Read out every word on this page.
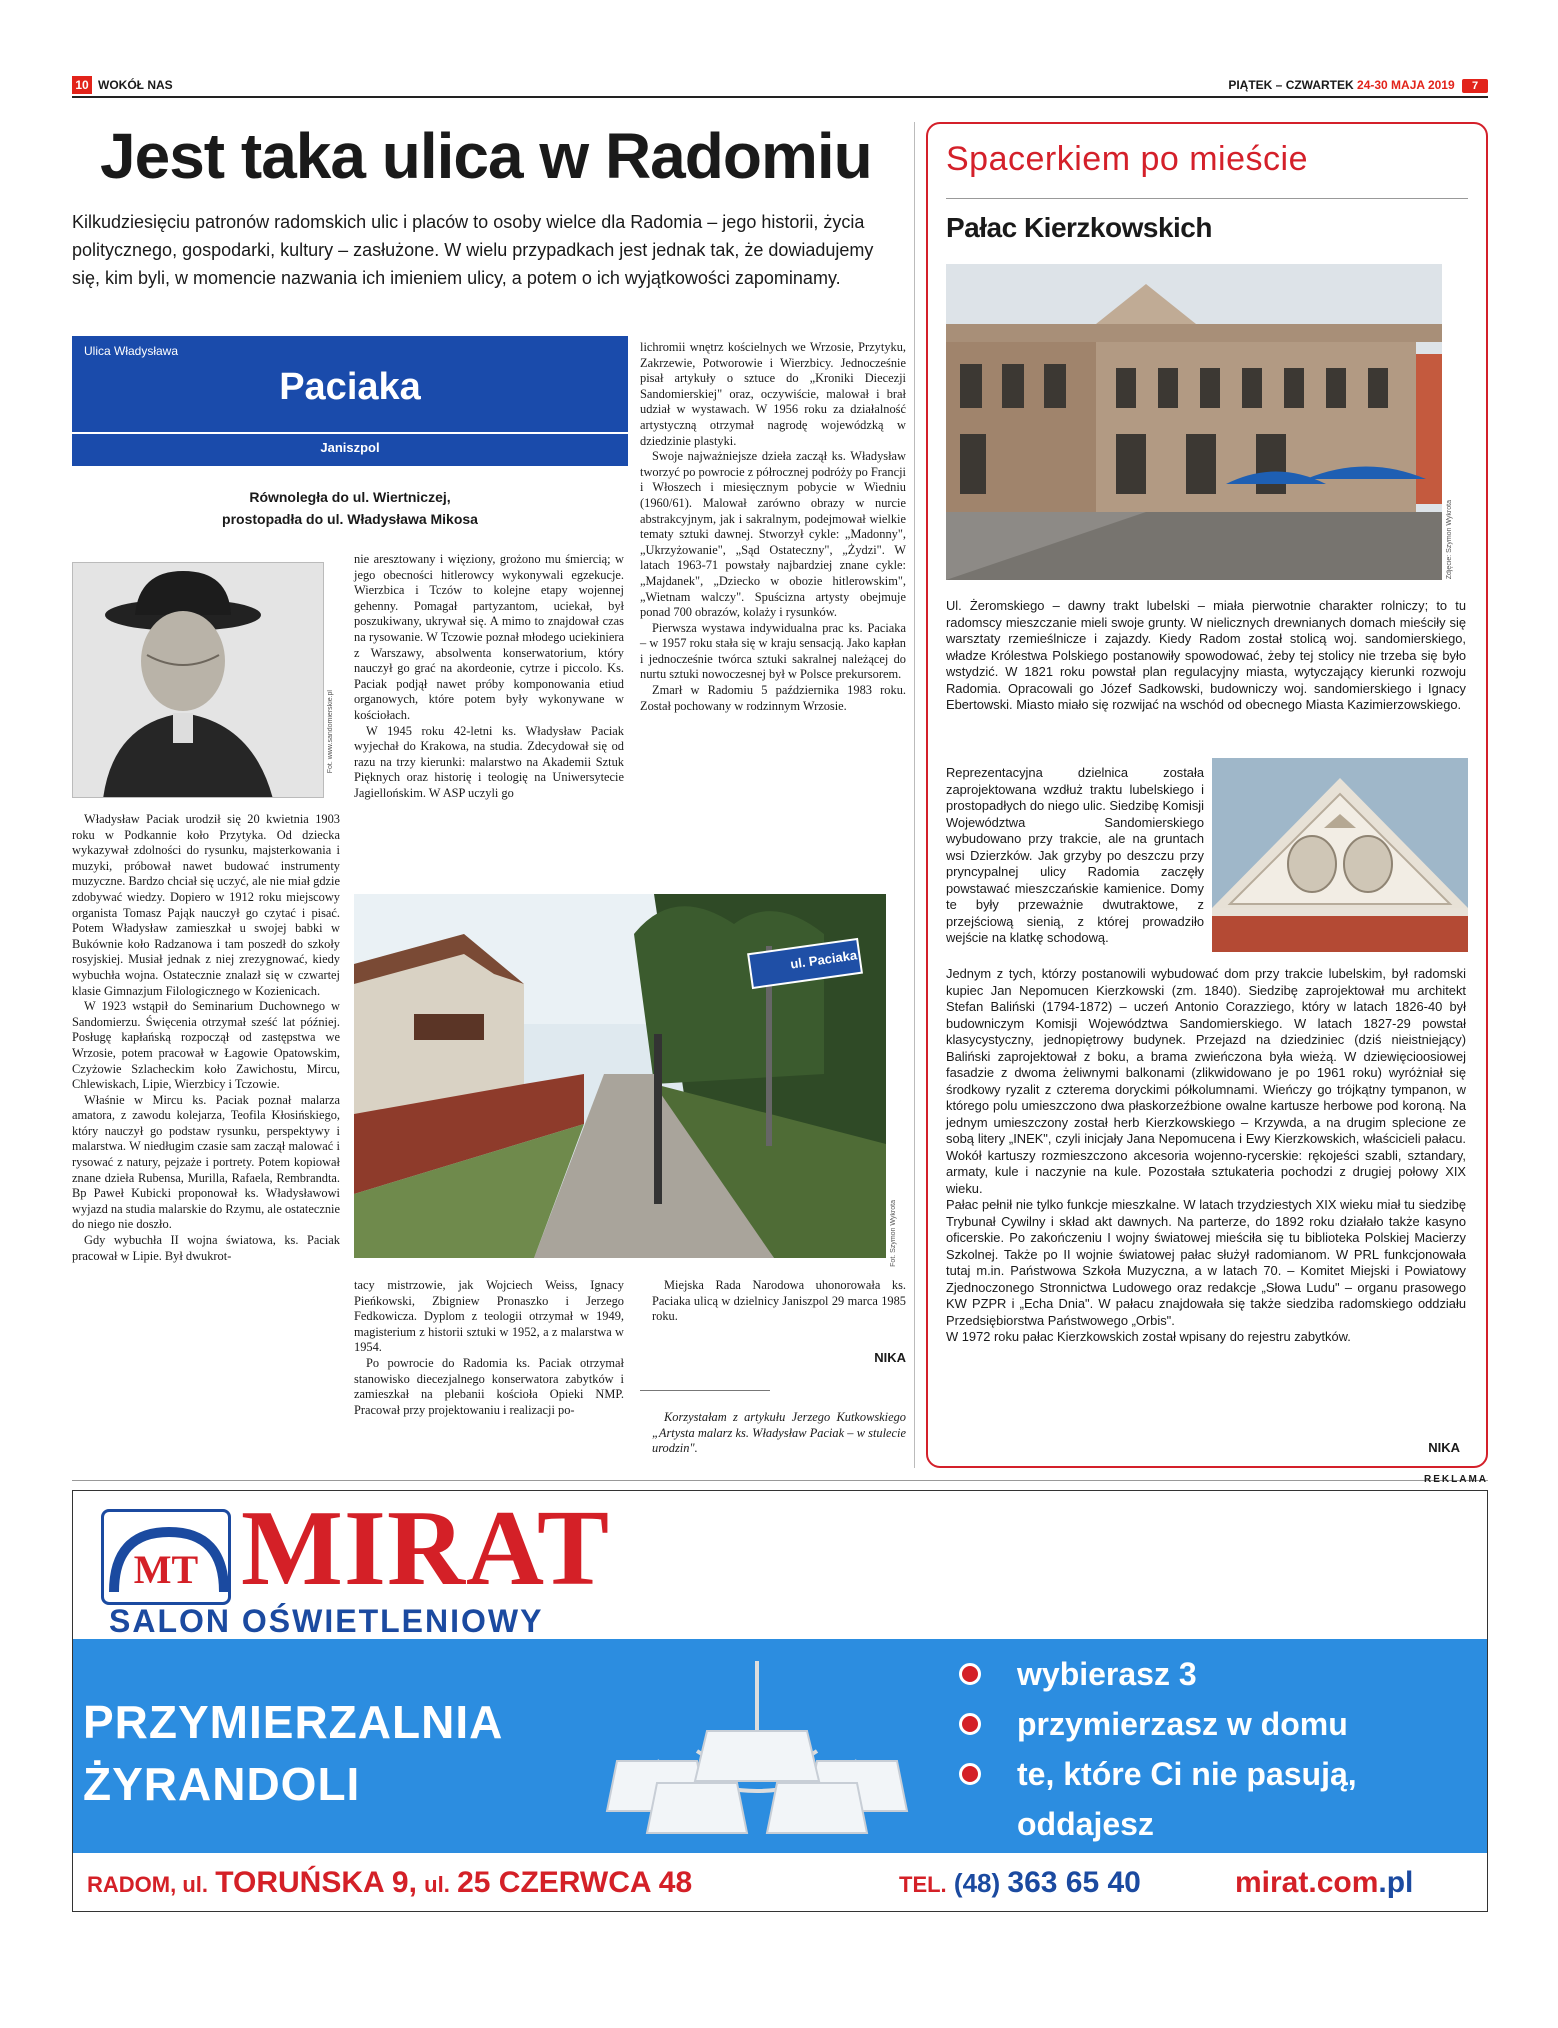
10 WOKÓŁ NAS	PIĄTEK – CZWARTEK 24-30 MAJA 2019 7
Jest taka ulica w Radomiu

Kilkudziesięciu patronów radomskich ulic i placów to osoby wielce dla Radomia – jego historii, życia politycznego, gospodarki, kultury – zasłużone. W wielu przypadkach jest jednak tak, że dowiadujemy się, kim byli, w momencie nazwania ich imieniem ulicy, a potem o ich wyjątkowości zapominamy.

Ulica Władysława
Paciaka
Janiszpol
Równoległa do ul. Wiertniczej,
prostopadła do ul. Władysława Mikosa
Fot. www.sandomierskie.pl

Władysław Paciak urodził się 20 kwietnia 1903 roku w Podkannie koło Przytyka. Od dziecka wykazywał zdolności do rysunku, majsterkowania i muzyki, próbował nawet budować instrumenty muzyczne. Bardzo chciał się uczyć, ale nie miał gdzie zdobywać wiedzy. Dopiero w 1912 roku miejscowy organista Tomasz Pająk nauczył go czytać i pisać. Potem Władysław zamieszkał u swojej babki w Bukównie koło Radzanowa i tam poszedł do szkoły rosyjskiej. Musiał jednak z niej zrezygnować, kiedy wybuchła wojna. Ostatecznie znalazł się w czwartej klasie Gimnazjum Filologicznego w Kozienicach.

W 1923 wstąpił do Seminarium Duchownego w Sandomierzu. Święcenia otrzymał sześć lat później. Posługę kapłańską rozpoczął od zastępstwa we Wrzosie, potem pracował w Łagowie Opatowskim, Czyżowie Szlacheckim koło Zawichostu, Mircu, Chlewiskach, Lipie, Wierzbicy i Tczowie.

Właśnie w Mircu ks. Paciak poznał malarza amatora, z zawodu kolejarza, Teofila Kłosińskiego, który nauczył go podstaw rysunku, perspektywy i malarstwa. W niedługim czasie sam zaczął malować i rysować z natury, pejzaże i portrety. Potem kopiował znane dzieła Rubensa, Murilla, Rafaela, Rembrandta. Bp Paweł Kubicki proponował ks. Władysławowi wyjazd na studia malarskie do Rzymu, ale ostatecznie do niego nie doszło.

Gdy wybuchła II wojna światowa, ks. Paciak pracował w Lipie. Był dwukrot-

nie aresztowany i więziony, grożono mu śmiercią; w jego obecności hitlerowcy wykonywali egzekucje. Wierzbica i Tczów to kolejne etapy wojennej gehenny. Pomagał partyzantom, uciekał, był poszukiwany, ukrywał się. A mimo to znajdował czas na rysowanie. W Tczowie poznał młodego uciekiniera z Warszawy, absolwenta konserwatorium, który nauczył go grać na akordeonie, cytrze i piccolo. Ks. Paciak podjął nawet próby komponowania etiud organowych, które potem były wykonywane w kościołach.

W 1945 roku 42-letni ks. Władysław Paciak wyjechał do Krakowa, na studia. Zdecydował się od razu na trzy kierunki: malarstwo na Akademii Sztuk Pięknych oraz historię i teologię na Uniwersytecie Jagiellońskim. W ASP uczyli go

lichromii wnętrz kościelnych we Wrzosie, Przytyku, Zakrzewie, Potworowie i Wierzbicy. Jednocześnie pisał artykuły o sztuce do „Kroniki Diecezji Sandomierskiej" oraz, oczywiście, malował i brał udział w wystawach. W 1956 roku za działalność artystyczną otrzymał nagrodę wojewódzką w dziedzinie plastyki.

Swoje najważniejsze dzieła zaczął ks. Władysław tworzyć po powrocie z półrocznej podróży po Francji i Włoszech i miesięcznym pobycie w Wiedniu (1960/61). Malował zarówno obrazy w nurcie abstrakcyjnym, jak i sakralnym, podejmował wielkie tematy sztuki dawnej. Stworzył cykle: „Madonny", „Ukrzyżowanie", „Sąd Ostateczny", „Żydzi". W latach 1963-71 powstały najbardziej znane cykle: „Majdanek", „Dziecko w obozie hitlerowskim", „Wietnam walczy". Spuścizna artysty obejmuje ponad 700 obrazów, kolaży i rysunków.

Pierwsza wystawa indywidualna prac ks. Paciaka – w 1957 roku stała się w kraju sensacją. Jako kapłan i jednocześnie twórca sztuki sakralnej należącej do nurtu sztuki nowoczesnej był w Polsce prekursorem.

Zmarł w Radomiu 5 października 1983 roku. Został pochowany w rodzinnym Wrzosie.

ul. Paciaka
Fot. Szymon Wykrota

tacy mistrzowie, jak Wojciech Weiss, Ignacy Pieńkowski, Zbigniew Pronaszko i Jerzego Fedkowicza. Dyplom z teologii otrzymał w 1949, magisterium z historii sztuki w 1952, a z malarstwa w 1954.

Po powrocie do Radomia ks. Paciak otrzymał stanowisko diecezjalnego konserwatora zabytków i zamieszkał na plebanii kościoła Opieki NMP. Pracował przy projektowaniu i realizacji po-

Miejska Rada Narodowa uhonorowała ks. Paciaka ulicą w dzielnicy Janiszpol 29 marca 1985 roku.

NIKA

Korzystałam z artykułu Jerzego Kutkowskiego „Artysta malarz ks. Władysław Paciak – w stulecie urodzin".

Spacerkiem po mieście
Pałac Kierzkowskich
Zdjęcie: Szymon Wykrota
Ul. Żeromskiego – dawny trakt lubelski – miała pierwotnie charakter rolniczy; to tu radomscy mieszczanie mieli swoje grunty. W nielicznych drewnianych domach mieściły się warsztaty rzemieślnicze i zajazdy. Kiedy Radom został stolicą woj. sandomierskiego, władze Królestwa Polskiego postanowiły spowodować, żeby tej stolicy nie trzeba się było wstydzić. W 1821 roku powstał plan regulacyjny miasta, wytyczający kierunki rozwoju Radomia. Opracowali go Józef Sadkowski, budowniczy woj. sandomierskiego i Ignacy Ebertowski. Miasto miało się rozwijać na wschód od obecnego Miasta Kazimierzowskiego.
Reprezentacyjna dzielnica została zaprojektowana wzdłuż traktu lubelskiego i prostopadłych do niego ulic. Siedzibę Komisji Województwa Sandomierskiego wybudowano przy trakcie, ale na gruntach wsi Dzierzków. Jak grzyby po deszczu przy pryncypalnej ulicy Radomia zaczęły powstawać mieszczańskie kamienice. Domy te były przeważnie dwutraktowe, z przejściową sienią, z której prowadziło wejście na klatkę schodową.

Jednym z tych, którzy postanowili wybudować dom przy trakcie lubelskim, był radomski kupiec Jan Nepomucen Kierzkowski (zm. 1840). Siedzibę zaprojektował mu architekt Stefan Baliński (1794-1872) – uczeń Antonio Corazziego, który w latach 1826-40 był budowniczym Komisji Województwa Sandomierskiego. W latach 1827-29 powstał klasycystyczny, jednopiętrowy budynek. Przejazd na dziedziniec (dziś nieistniejący) Baliński zaprojektował z boku, a brama zwieńczona była wieżą. W dziewięcioosiowej fasadzie z dwoma żeliwnymi balkonami (zlikwidowano je po 1961 roku) wyróżniał się środkowy ryzalit z czterema doryckimi półkolumnami. Wieńczy go trójkątny tympanon, w którego polu umieszczono dwa płaskorzeźbione owalne kartusze herbowe pod koroną. Na jednym umieszczony został herb Kierzkowskiego – Krzywda, a na drugim splecione ze sobą litery „INEK", czyli inicjały Jana Nepomucena i Ewy Kierzkowskich, właścicieli pałacu. Wokół kartuszy rozmieszczono akcesoria wojenno-rycerskie: rękojeści szabli, sztandary, armaty, kule i naczynie na kule. Pozostała sztukateria pochodzi z drugiej połowy XIX wieku.

Pałac pełnił nie tylko funkcje mieszkalne. W latach trzydziestych XIX wieku miał tu siedzibę Trybunał Cywilny i skład akt dawnych. Na parterze, do 1892 roku działało także kasyno oficerskie. Po zakończeniu I wojny światowej mieściła się tu biblioteka Polskiej Macierzy Szkolnej. Także po II wojnie światowej pałac służył radomianom. W PRL funkcjonowała tutaj m.in. Państwowa Szkoła Muzyczna, a w latach 70. – Komitet Miejski i Powiatowy Zjednoczonego Stronnictwa Ludowego oraz redakcje „Słowa Ludu" – organu prasowego KW PZPR i „Echa Dnia". W pałacu znajdowała się także siedziba radomskiego oddziału Przedsiębiorstwa Państwowego „Orbis".

W 1972 roku pałac Kierzkowskich został wpisany do rejestru zabytków.

NIKA
REKLAMA
MT MIRAT
SALON OŚWIETLENIOWY
PRZYMIERZALNIA
ŻYRANDOLI
wybierasz 3
przymierzasz w domu
te, które Ci nie pasują, oddajesz
RADOM, ul. TORUŃSKA 9, ul. 25 CZERWCA 48	TEL. (48) 363 65 40	mirat.com.pl
